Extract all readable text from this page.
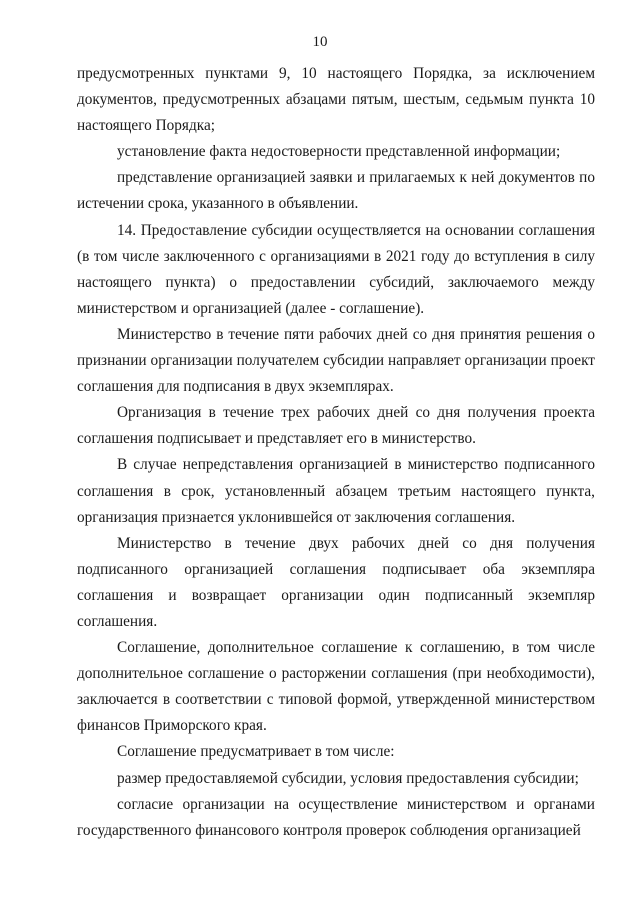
10

предусмотренных пунктами 9, 10 настоящего Порядка, за исключением документов, предусмотренных абзацами пятым, шестым, седьмым пункта 10 настоящего Порядка;

установление факта недостоверности представленной информации;

представление организацией заявки и прилагаемых к ней документов по истечении срока, указанного в объявлении.

14. Предоставление субсидии осуществляется на основании соглашения (в том числе заключенного с организациями в 2021 году до вступления в силу настоящего пункта) о предоставлении субсидий, заключаемого между министерством и организацией (далее - соглашение).

Министерство в течение пяти рабочих дней со дня принятия решения о признании организации получателем субсидии направляет организации проект соглашения для подписания в двух экземплярах.

Организация в течение трех рабочих дней со дня получения проекта соглашения подписывает и представляет его в министерство.

В случае непредставления организацией в министерство подписанного соглашения в срок, установленный абзацем третьим настоящего пункта, организация признается уклонившейся от заключения соглашения.

Министерство в течение двух рабочих дней со дня получения подписанного организацией соглашения подписывает оба экземпляра соглашения и возвращает организации один подписанный экземпляр соглашения.

Соглашение, дополнительное соглашение к соглашению, в том числе дополнительное соглашение о расторжении соглашения (при необходимости), заключается в соответствии с типовой формой, утвержденной министерством финансов Приморского края.

Соглашение предусматривает в том числе:

размер предоставляемой субсидии, условия предоставления субсидии;

согласие организации на осуществление министерством и органами государственного финансового контроля проверок соблюдения организацией
